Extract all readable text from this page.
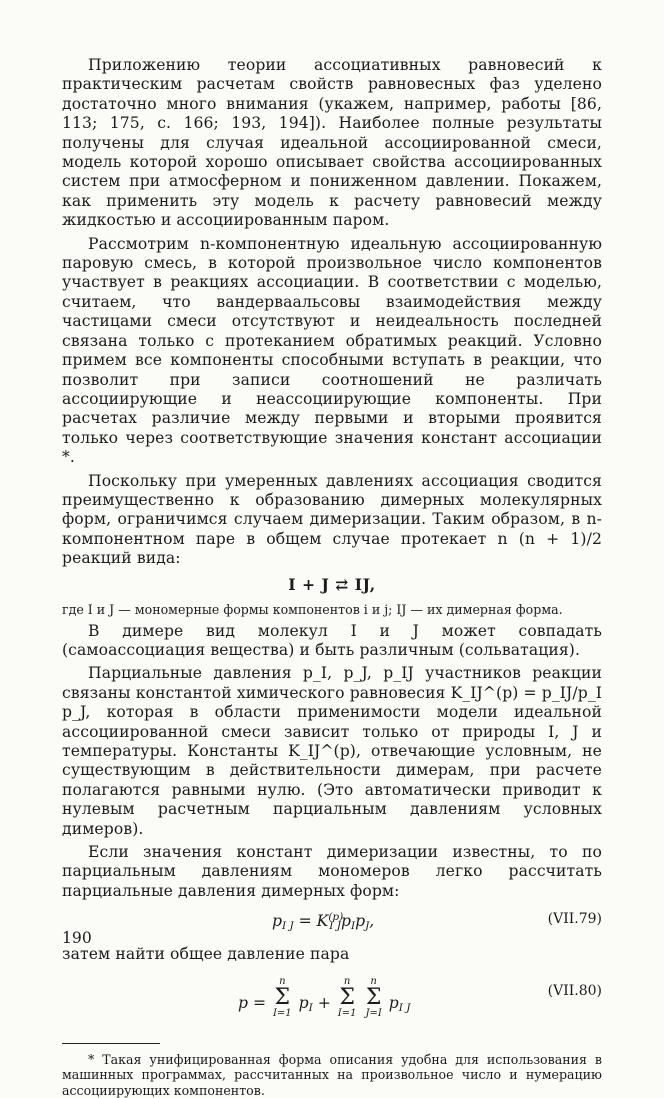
Приложению теории ассоциативных равновесий к практическим расчетам свойств равновесных фаз уделено достаточно много внимания (укажем, например, работы [86, 113; 175, с. 166; 193, 194]). Наиболее полные результаты получены для случая идеальной ассоциированной смеси, модель которой хорошо описывает свойства ассоциированных систем при атмосферном и пониженном давлении. Покажем, как применить эту модель к расчету равновесий между жидкостью и ассоциированным паром.

Рассмотрим n-компонентную идеальную ассоциированную паровую смесь, в которой произвольное число компонентов участвует в реакциях ассоциации. В соответствии с моделью, считаем, что вандерваальсовы взаимодействия между частицами смеси отсутствуют и неидеальность последней связана только с протеканием обратимых реакций. Условно примем все компоненты способными вступать в реакции, что позволит при записи соотношений не различать ассоциирующие и неассоциирующие компоненты. При расчетах различие между первыми и вторыми проявится только через соответствующие значения констант ассоциации *.

Поскольку при умеренных давлениях ассоциация сводится преимущественно к образованию димерных молекулярных форм, ограничимся случаем димеризации. Таким образом, в n-компонентном паре в общем случае протекает n (n + 1)/2 реакций вида:

I + J ⇄ IJ,

где I и J — мономерные формы компонентов i и j; IJ — их димерная форма.

В димере вид молекул I и J может совпадать (самоассоциация вещества) и быть различным (сольватация).

Парциальные давления p_I, p_J, p_IJ участников реакции связаны константой химического равновесия K_IJ^(p) = p_IJ/p_I p_J, которая в области применимости модели идеальной ассоциированной смеси зависит только от природы I, J и температуры. Константы K_IJ^(p), отвечающие условным, не существующим в действительности димерам, при расчете полагаются равными нулю. (Это автоматически приводит к нулевым расчетным парциальным давлениям условных димеров).

Если значения констант димеризации известны, то по парциальным давлениям мономеров легко рассчитать парциальные давления димерных форм:

$p_{I J} = K^{(p)}_{I J}p_Ip_J$,	(VII.79)

затем найти общее давление пара

p =
n
Σ
I=1
$p_I$ +
n
Σ
I=1

n
Σ
J=I
$p_{I J}$
(VII.80)

* Такая унифицированная форма описания удобна для использования в машинных программах, рассчитанных на произвольное число и нумерацию ассоциирующих компонентов.

190
